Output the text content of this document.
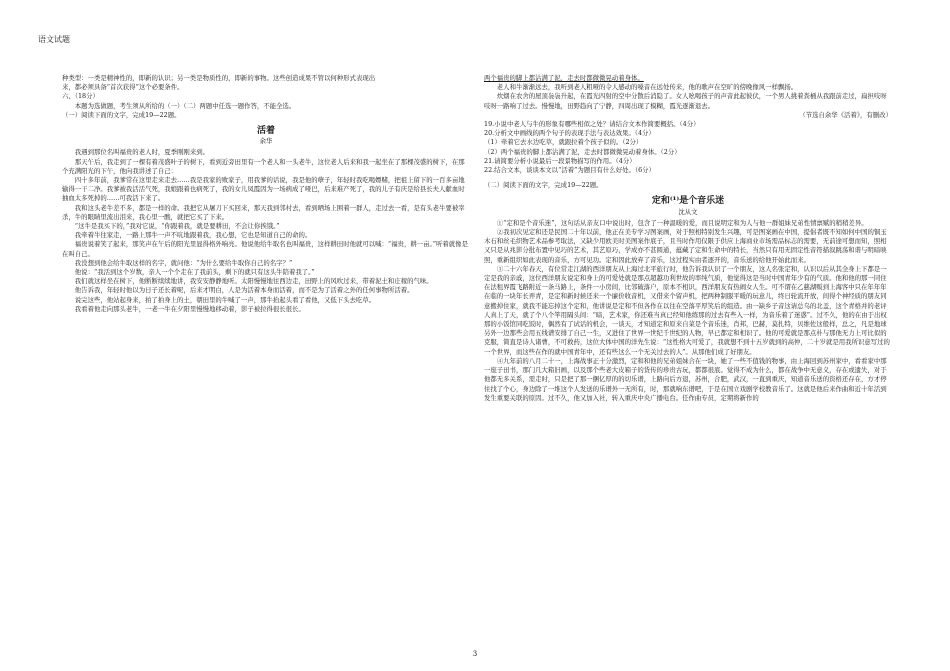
语文试题

种类型：一类是精神性的，即新的认识；另一类是物质性的，即新的事物。这些创造成果不管以何种形式表现出

来，都必须具备“首次获得”这个必要条件。

六、（18分）

本题为选做题，考生须从所给的（一）（二）两题中任选一题作答，不能全选。

（一）阅读下面的文字，完成19—22题。

活着
余华

我遇到那位名叫福贵的老人时，夏季刚刚来到。

那天午后，我走到了一棵有着茂盛叶子的树下，看到近旁田里有一个老人和一头老牛，这位老人后来和我一起坐在了那棵茂盛的树下，在那个充满阳光的下午，他向我讲述了自己：

四十多年前，我爹常在这里走来走去……我是我家的败家子，用我爹的话说，我是他的孽子，年轻时我吃喝嫖赌，把祖上留下的一百多亩地输得一干二净。我爹被我活活气死，我娘跟着也病死了，我的女儿凤霞因为一场病成了哑巴，后来难产死了，我的儿子有庆是给县长夫人献血时抽血太多死掉的……可我活下来了。

我和这头老牛差不多，都是一样的命。我把它从屠刀下买回来，那天我到邻村去，看到晒场上围着一群人，走过去一看，是有头老牛要被宰杀，牛的眼睛里流出泪来，我心里一酸，就把它买了下来。

“这牛是我买下的，”我对它说，“你跟着我，就是要耕田，不会让你挨饿。”

我牵着牛往家走，一路上那牛一声不吭地跟着我，我心想，它也是知道自己的命的。

福贵说着笑了起来，那笑声在午后的阳光里显得格外响亮。他说他给牛取名也叫福贵，这样耕田时他就可以喊：“福贵，耕一亩。”听着就像是在叫自己。

我没想到他会给牛取这样的名字，就问他：“为什么要给牛取你自己的名字？”

他说：“我活到这个岁数，亲人一个个走在了我前头，剩下的就只有这头牛陪着我了。”

我们就这样坐在树下，他断断续续地讲，我安安静静地听。太阳慢慢地往西边走，田野上的风吹过来，带着泥土和庄稼的气味。

他告诉我，年轻时他以为日子还长着呢，后来才明白，人是为活着本身而活着，而不是为了活着之外的任何事物所活着。

说完这些，他站起身来，拍了拍身上的土，朝田里的牛喊了一声，那牛抬起头看了看他，又低下头去吃草。

我看着他走向那头老牛，一老一牛在夕阳里慢慢地移动着，影子被拉得很长很长。

两个福贵的脚上都沾满了泥，走去时都微微晃动着身体。

老人和牛渐渐远去，我听到老人粗哑的令人感动的嗓音在远处传来，他的歌声在空旷的傍晚像风一样飘扬。

炊烟在农舍的屋顶袅袅升起，在霞光四射的空中分散后消隐了。女人吆喝孩子的声音此起彼伏，一个男人挑着粪桶从我跟前走过，扁担吱呀吱呀一路响了过去。慢慢地，田野趋向了宁静，四周出现了模糊，霞光逐渐退去。

（节选自余华《活着》，有删改）

19.小说中老人与牛的形象有哪些相似之处？请结合文本作简要概括。（4分）

20.分析文中画线的两个句子的表现手法与表达效果。（4分）

（1）牵着它去水边吃草，就跟拉着个孩子似的。（2分）

（2）两个福贵的脚上都沾满了泥，走去时都微微晃动着身体。（2分）

21.请简要分析小说最后一段景物描写的作用。（4分）

22.结合文本，谈谈本文以“活着”为题目有什么好处。（6分）

（二）阅读下面的文字，完成19—22题。

定和⁽¹⁾是个音乐迷
沈从文

①“定和是个音乐迷”，这句话从亲友口中说出时，包含了一种温暖的爱，而且说明定和为人与他一群姐妹兄弟性情禀赋的稍稍差异。

②我初次见定和还是民国二十年以前，他正在美专学习图案画，对于照相特别发生兴趣，可是图案画在中国，提倡者既不知如何中国的铜玉木石和丝毛织物艺术品参考取法，又缺少用欧美时美图案作底子，且当时作用仅限于供应上海商业市场需品标志的需要，无前途可想而知，照相又只是从兆影分批布置中见巧的艺术，其艺原巧，学成亦不甚圆通，蕴藏了定和生命中的特长，当然只有用无固定性音符描叙跳荡和谐与明暗映照，重新组织如此表现的音乐，方可见功。定和因此放弃了音乐，这过程实由者逐开的，音乐送的给他开始此而来。

③二十六年春天，有位常走江湖的西洋朋友从上海过北平旅行时，他告诉我认识了一个朋友，这人名张定和，认识以后从其全身上下都是一定是我的亲戚，这位西洋朋友说定和身上的可爱处就是那点超越功利世故的率纯气质，他觉得这是当时中国青年少有的气质。他和他的那一同住在法租界霞飞路附近一条马路上，条件一小房间，比邻破落户，原本不相识，西洋朋友有热闹女人生。可不谓在乙慈湖贩到上海客中只在年年年在临的一块年长弄青，是定和新时候还来一个廉价收音机，又借来个留声机，把两种制服平暖的玩意儿，终日轮流开放，间得个神经质的朋友同意搬掉住家，就我不能忘掉这个定和，他讲说是定和不但各作在以往在空落平厚笑后的组造。由一缺乡子音这请总乌的北盖，这个青格并的老评人真上了天，就了个八个竿用隔头间：“暗，艺术家，你还难当真已经知他练那的过去有些入一样，为音乐着了迷惑”。过不久，他的在由于出权那的小饭馆同吃饭时，偶然有了试话的机会，一谈天，才知道定和原来自菜是个音乐迷，肖邦，巴赫，莫扎特，贝维佐这般样，总之，凡是地球另外一边那些会用五线谱安排了自己一生，又进住了世界一世纪千世纪的人物，早已都定和相识了。他的可爱就是那点朴与那他无力上可比似的克服，简直是诗人诸曹，不可救药，这位大体中国的洋先生说：“这性格大可爱了，我就想不到十五岁就到的高仲，二十岁就是用我所识意写过的一个世界，而这些在作的就中国青年中，还有些这么一个无关过去的人”。从那他们成了好朋友。

④九年前的八月二十一，上海战事正十分激烈，定和和他的兄弟姐妹合在一块，她了一些不值钱的物事，由上海回到苏州家中，看看家中那一座子田书，那门几大箱旧画，以及那个些老大皮箱子的货传的珍贵古玩，都都很底。觉得不成为什么，都在战争中无意义，存在或遗失，对于他都无多关系，需走时，只是把了那一捆亿厚的的切乐谱，上路向后方退，苏州，合肥，武汉，一直到重庆，知道音乐送的资格还存在，方才停住找了个心，身边除了一堆这个人发送的乐谱外一无所有，时，那就响东谱吧，于是在国立戏剧学校教音乐了。这就是他后来作曲和近十年活到发生重要关联的原因。过不久，他又加入社，转入重庆中央广播电台。任作曲专员，定期将新作的

3
